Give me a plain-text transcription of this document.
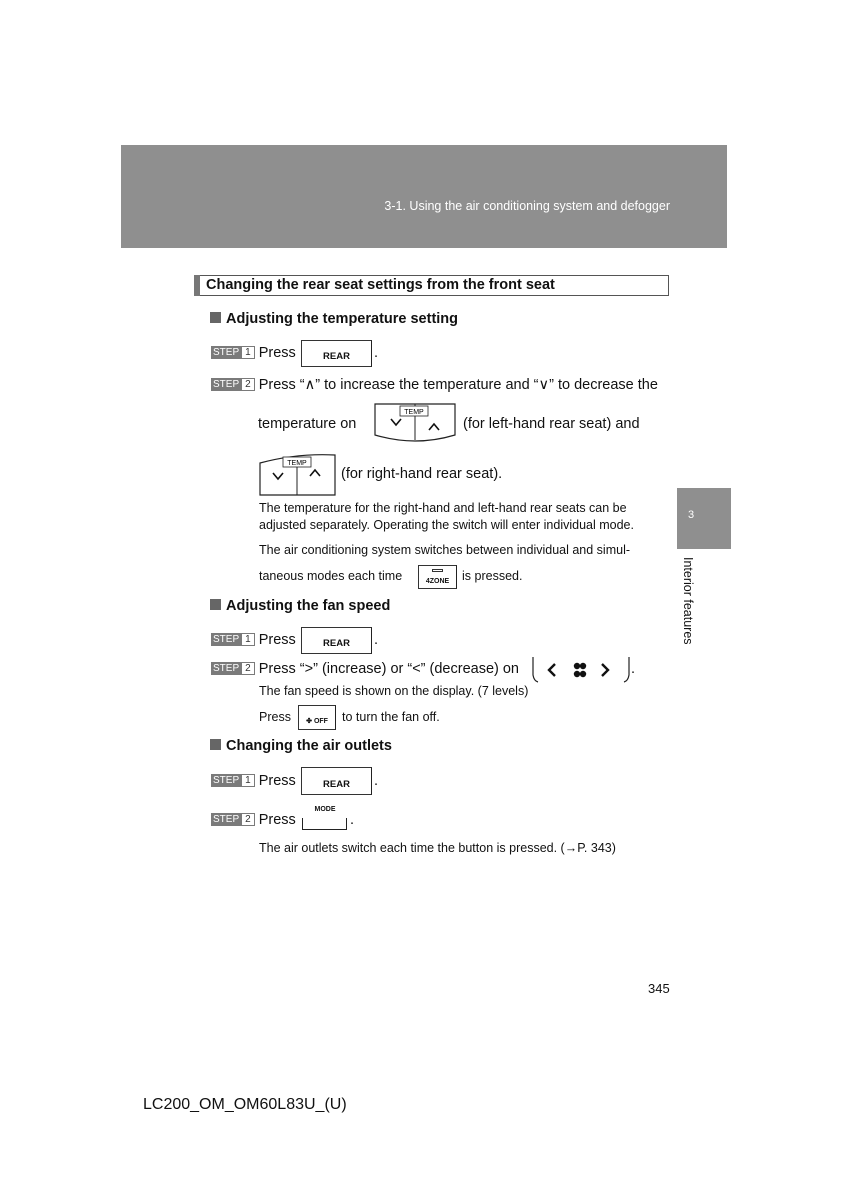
3-1. Using the air conditioning system and defogger
3
Interior features
Changing the rear seat settings from the front seat
Adjusting the temperature setting
STEP 1 Press	REAR	.
STEP 2 Press “∧” to increase the temperature and “∨” to decrease the
temperature on
TEMP
(for left-hand rear seat) and
TEMP
(for right-hand rear seat).
The temperature for the right-hand and left-hand rear seats can be
adjusted separately. Operating the switch will enter individual mode.
The air conditioning system switches between individual and simul-
taneous modes each time	4ZONE is pressed.
Adjusting the fan speed
STEP 1 Press	REAR	.
STEP 2 Press “>” (increase) or “<” (decrease) on	.
The fan speed is shown on the display. (7 levels)
Press ✤ OFF to turn the fan off.
Changing the air outlets
STEP 1 Press	REAR	.
STEP 2 Press
MODE
.
The air outlets switch each time the button is pressed. (→P. 343)
345
LC200_OM_OM60L83U_(U)
